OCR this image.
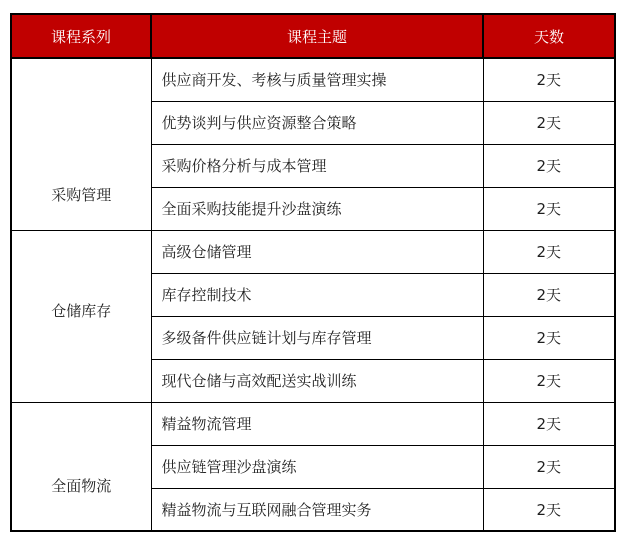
课程系列	课程主题	天数
采购管理	供应商开发、考核与质量管理实操	2天
	优势谈判与供应资源整合策略	2天
	采购价格分析与成本管理	2天
	全面采购技能提升沙盘演练	2天
仓储库存	高级仓储管理	2天
	库存控制技术	2天
	多级备件供应链计划与库存管理	2天
	现代仓储与高效配送实战训练	2天
全面物流	精益物流管理	2天
	供应链管理沙盘演练	2天
	精益物流与互联网融合管理实务	2天
